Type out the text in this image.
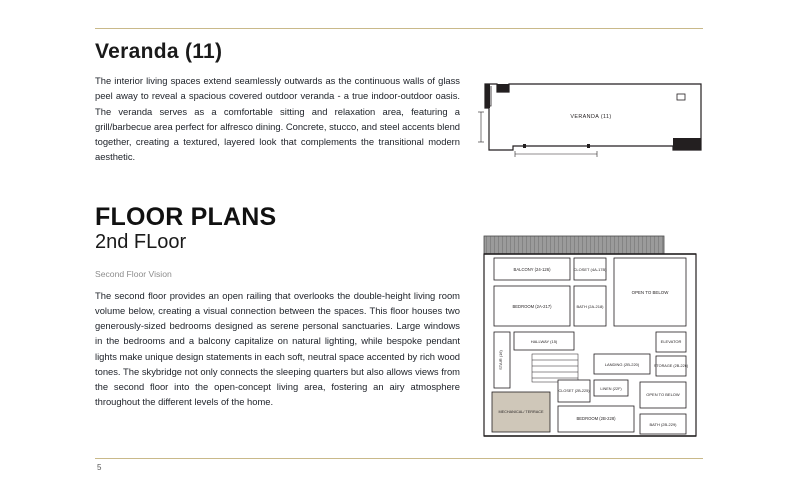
Veranda (11)

The interior living spaces extend seamlessly outwards as the continuous walls of glass peel away to reveal a spacious covered outdoor veranda - a true indoor-outdoor oasis. The veranda serves as a comfortable sitting and relaxation area, featuring a grill/barbecue area perfect for alfresco dining. Concrete, stucco, and steel accents blend together, creating a textured, layered look that complements the transitional modern aesthetic.

VERANDA (11)
FLOOR PLANS
2nd FLoor

Second Floor Vision

The second floor provides an open railing that overlooks the double-height living room volume below, creating a visual connection between the spaces. This floor houses two generously-sized bedrooms designed as serene personal sanctuaries. Large windows in the bedrooms and a balcony capitalize on natural lighting, while bespoke pendant lights make unique design statements in each soft, neutral space accented by rich wood tones. The skybridge not only connects the sleeping quarters but also allows views from the second floor into the open-concept living area, fostering an airy atmosphere throughout the different levels of the home.

BALCONY (24-126)	CLOSET (4A-17B)
OPEN TO BELOW
BEDROOM (2A-217)	BATH (2A-218)
HALLWAY (15)
STAIR (16)
ELEVATOR
LANDING (2B-220)	STORAGE (2B-226)
LINEN (22F)
CLOSET (2B-225)
MECHANICAL/ TERRACE
BEDROOM (2B-228)
OPEN TO BELOW
BATH (2B-229)
5
